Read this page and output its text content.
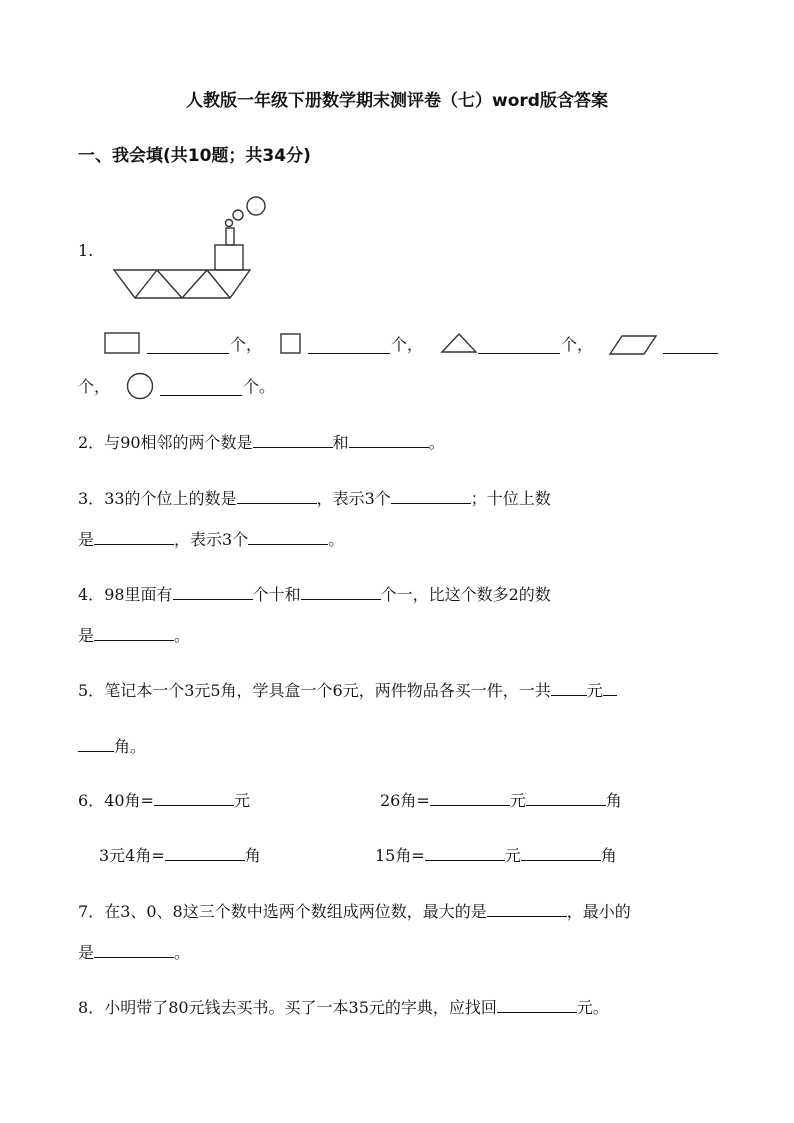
人教版一年级下册数学期末测评卷（七）word版含答案
一、我会填(共10题；共34分)
1.
个，	个，	个，
个，	个。
2．与90相邻的两个数是	和	。
3．33的个位上的数是	，表示3个	；十位上数
是	，表示3个	。
4．98里面有	个十和	个一，比这个数多2的数
是	。
5．笔记本一个3元5角，学具盒一个6元，两件物品各买一件，一共 元
角。
6．40角=	元	26角=	元	角
3元4角=	角	15角=	元	角
7．在3、0、8这三个数中选两个数组成两位数，最大的是	，最小的
是	。
8．小明带了80元钱去买书。买了一本35元的字典，应找回	元。
